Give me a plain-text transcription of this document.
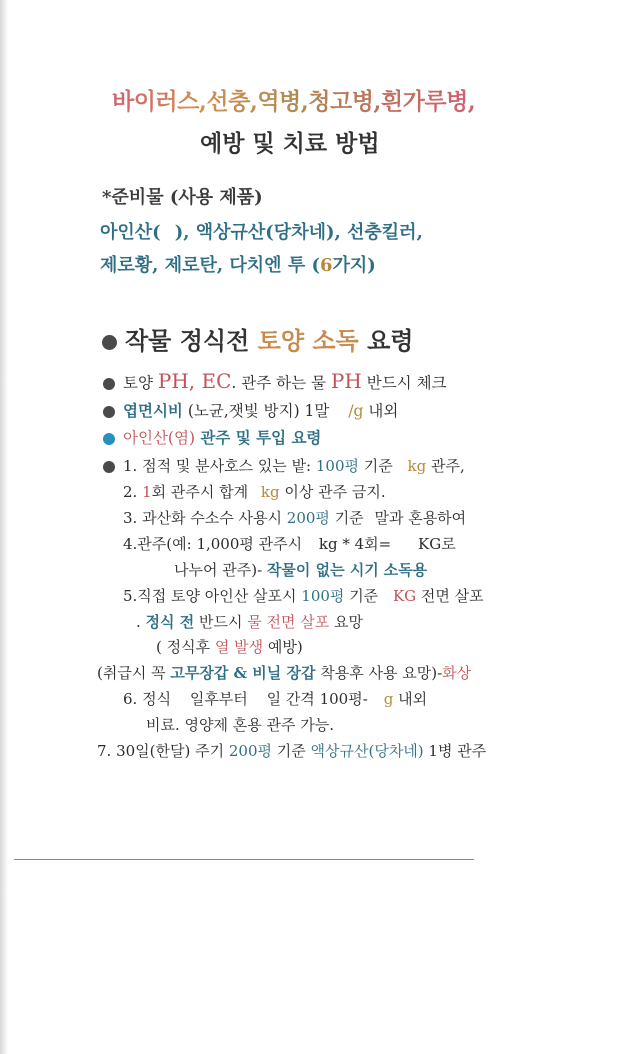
바이러스,선충,역병,청고병,흰가루병,

예방 및 치료 방법

*준비물 (사용 제품)

아인산( ), 액상규산(당차네), 선충킬러,

제로황, 제로탄, 다치엔 투 (6가지)

작물 정식전 토양 소독 요령

토양 PH, EC. 관주 하는 물 PH 반드시 체크

엽면시비 (노균,잿빛 방지) 1말 /g 내외

아인산(염) 관주 및 투입 요령

1. 점적 및 분사호스 있는 밭: 100평 기준 kg 관주,

2. 1회 관주시 합계 kg 이상 관주 금지.

3. 과산화 수소수 사용시 200평 기준 말과 혼용하여

4.관주(예: 1,000평 관주시 kg * 4회= KG로

나누어 관주)- 작물이 없는 시기 소독용

5.직접 토양 아인산 살포시 100평 기준 KG 전면 살포

. 정식 전 반드시 물 전면 살포 요망

( 정식후 열 발생 예방)

(취급시 꼭 고무장갑 & 비닐 장갑 착용후 사용 요망)-화상

6. 정식 일후부터 일 간격 100평- g 내외

비료. 영양제 혼용 관주 가능.

7. 30일(한달) 주기 200평 기준 액상규산(당차네) 1병 관주
